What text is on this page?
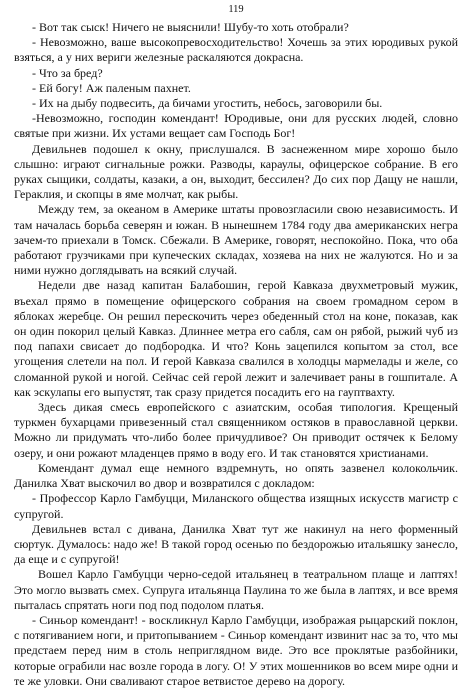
119

- Вот так сыск! Ничего не выяснили! Шубу-то хоть отобрали?

- Невозможно, ваше высокопревосходительство! Хочешь за этих юродивых рукой взяться, а у них вериги железные раскаляются докрасна.

- Что за бред?

- Ей богу! Аж паленым пахнет.

- Их на дыбу подвесить, да бичами угостить, небось, заговорили бы.

-Невозможно, господин комендант! Юродивые, они для русских людей, словно святые при жизни. Их устами вещает сам Господь Бог!

Девильнев подошел к окну, прислушался. В заснеженном мире хорошо было слышно: играют сигнальные рожки. Разводы, караулы, офицерское собрание. В его руках сыщики, солдаты, казаки, а он, выходит, бессилен? До сих пор Дащу не нашли, Гераклия, и скопцы в яме молчат, как рыбы.

Между тем, за океаном в Америке штаты провозгласили свою независимость. И там началась борьба северян и южан. В нынешнем 1784 году два американских негра зачем-то приехали в Томск. Сбежали. В Америке, говорят, неспокойно. Пока, что оба работают грузчиками при купеческих складах, хозяева на них не жалуются. Но и за ними нужно доглядывать на всякий случай.

Недели две назад капитан Балабошин, герой Кавказа двухметровый мужик, въехал прямо в помещение офицерского собрания на своем громадном сером в яблоках жеребце. Он решил перескочить через обеденный стол на коне, показав, как он один покорил целый Кавказ. Длиннее метра его сабля, сам он рябой, рыжий чуб из под папахи свисает до подбородка. И что? Конь зацепился копытом за стол, все угощения слетели на пол. И герой Кавказа свалился в холодцы мармелады и желе, со сломанной рукой и ногой. Сейчас сей герой лежит и залечивает раны в гошпитале. А как эскулапы его выпустят, так сразу придется посадить его на гауптвахту.

Здесь дикая смесь европейского с азиатским, особая типология. Крещеный туркмен бухарцами привезенный стал священником остяков в православной церкви. Можно ли придумать что-либо более причудливое? Он приводит остячек к Белому озеру, и они рожают младенцев прямо в воду его. И так становятся христианами.

Комендант думал еще немного вздремнуть, но опять зазвенел колокольчик. Данилка Хват выскочил во двор и возвратился с докладом:

- Профессор Карло Гамбуцци, Миланского общества изящных искусств магистр с супругой.

Девильнев встал с дивана, Данилка Хват тут же накинул на него форменный сюртук. Думалось: надо же! В такой город осенью по бездорожью итальяшку занесло, да еще и с супругой!

Вошел Карло Гамбуцци черно-седой итальянец в театральном плаще и лаптях! Это могло вызвать смех. Супруга итальянца Паулина то же была в лаптях, и все время пыталась спрятать ноги под под подолом платья.

- Синьор комендант! - воскликнул Карло Гамбуцци, изображая рыцарский поклон, с потягиванием ноги, и притопыванием - Синьор комендант извинит нас за то, что мы предстаем перед ним в столь неприглядном виде. Это все проклятые разбойники, которые ограбили нас возле города в логу. О! У этих мошенников во всем мире одни и те же уловки. Они сваливают старое ветвистое дерево на дорогу.
